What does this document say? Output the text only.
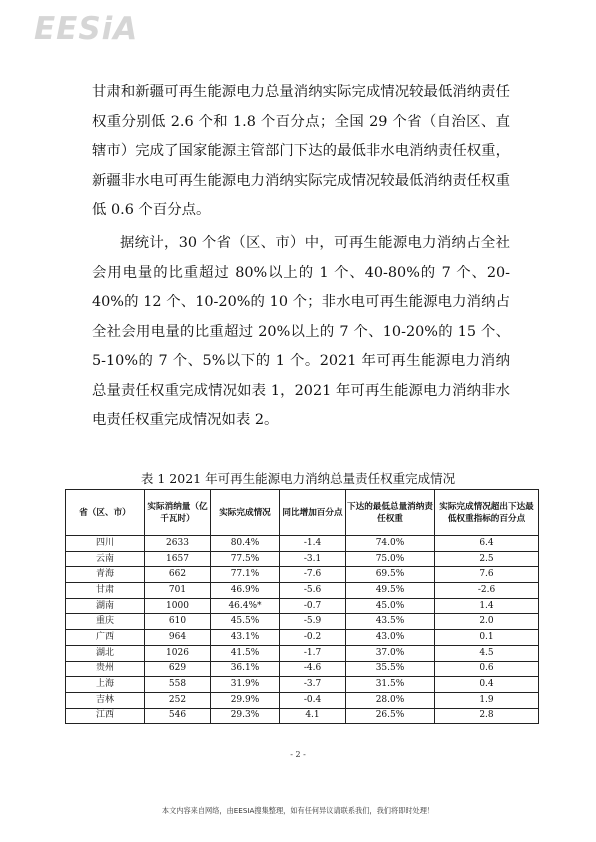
EESiA

甘肃和新疆可再生能源电力总量消纳实际完成情况较最低消纳责任权重分别低 2.6 个和 1.8 个百分点；全国 29 个省（自治区、直辖市）完成了国家能源主管部门下达的最低非水电消纳责任权重，新疆非水电可再生能源电力消纳实际完成情况较最低消纳责任权重低 0.6 个百分点。

据统计，30 个省（区、市）中，可再生能源电力消纳占全社会用电量的比重超过 80%以上的 1 个、40-80%的 7 个、20-40%的 12 个、10-20%的 10 个；非水电可再生能源电力消纳占全社会用电量的比重超过 20%以上的 7 个、10-20%的 15 个、5-10%的 7 个、5%以下的 1 个。2021 年可再生能源电力消纳总量责任权重完成情况如表 1，2021 年可再生能源电力消纳非水电责任权重完成情况如表 2。

表 1 2021 年可再生能源电力消纳总量责任权重完成情况
省（区、市）	实际消纳量（亿千瓦时）	实际完成情况	同比增加百分点	下达的最低总量消纳责任权重	实际完成情况超出下达最低权重指标的百分点
四川	2633	80.4%	-1.4	74.0%	6.4
云南	1657	77.5%	-3.1	75.0%	2.5
青海	662	77.1%	-7.6	69.5%	7.6
甘肃	701	46.9%	-5.6	49.5%	-2.6
湖南	1000	46.4%*	-0.7	45.0%	1.4
重庆	610	45.5%	-5.9	43.5%	2.0
广西	964	43.1%	-0.2	43.0%	0.1
湖北	1026	41.5%	-1.7	37.0%	4.5
贵州	629	36.1%	-4.6	35.5%	0.6
上海	558	31.9%	-3.7	31.5%	0.4
吉林	252	29.9%	-0.4	28.0%	1.9
江西	546	29.3%	4.1	26.5%	2.8
- 2 -
本文内容来自网络，由EESIA搜集整理，如有任何异议请联系我们，我们将即时处理！
